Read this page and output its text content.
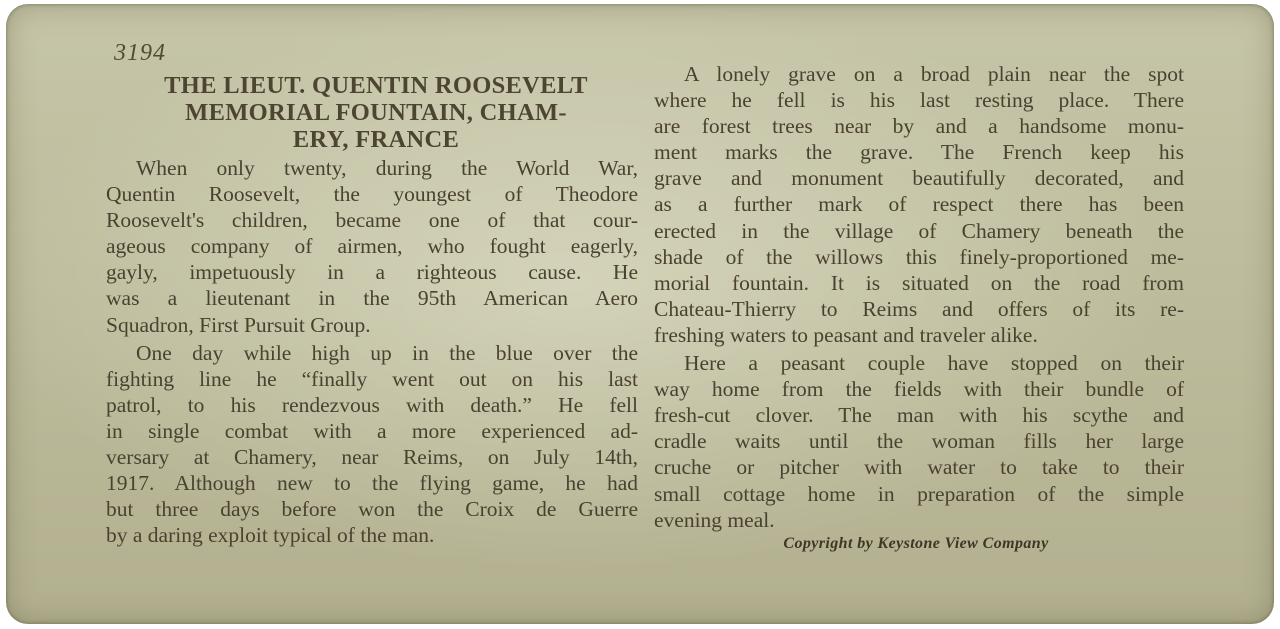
3194
THE LIEUT. QUENTIN ROOSEVELT
MEMORIAL FOUNTAIN, CHAM-
ERY, FRANCE

When only twenty, during the World War,
Quentin Roosevelt, the youngest of Theodore
Roosevelt's children, became one of that cour-
ageous company of airmen, who fought eagerly,
gayly, impetuously in a righteous cause. He
was a lieutenant in the 95th American Aero
Squadron, First Pursuit Group.

One day while high up in the blue over the
fighting line he “finally went out on his last
patrol, to his rendezvous with death.” He fell
in single combat with a more experienced ad-
versary at Chamery, near Reims, on July 14th,
1917. Although new to the flying game, he had
but three days before won the Croix de Guerre
by a daring exploit typical of the man.

A lonely grave on a broad plain near the spot
where he fell is his last resting place. There
are forest trees near by and a handsome monu-
ment marks the grave. The French keep his
grave and monument beautifully decorated, and
as a further mark of respect there has been
erected in the village of Chamery beneath the
shade of the willows this finely-proportioned me-
morial fountain. It is situated on the road from
Chateau-Thierry to Reims and offers of its re-
freshing waters to peasant and traveler alike.

Here a peasant couple have stopped on their
way home from the fields with their bundle of
fresh-cut clover. The man with his scythe and
cradle waits until the woman fills her large
cruche or pitcher with water to take to their
small cottage home in preparation of the simple
evening meal.

Copyright by Keystone View Company
